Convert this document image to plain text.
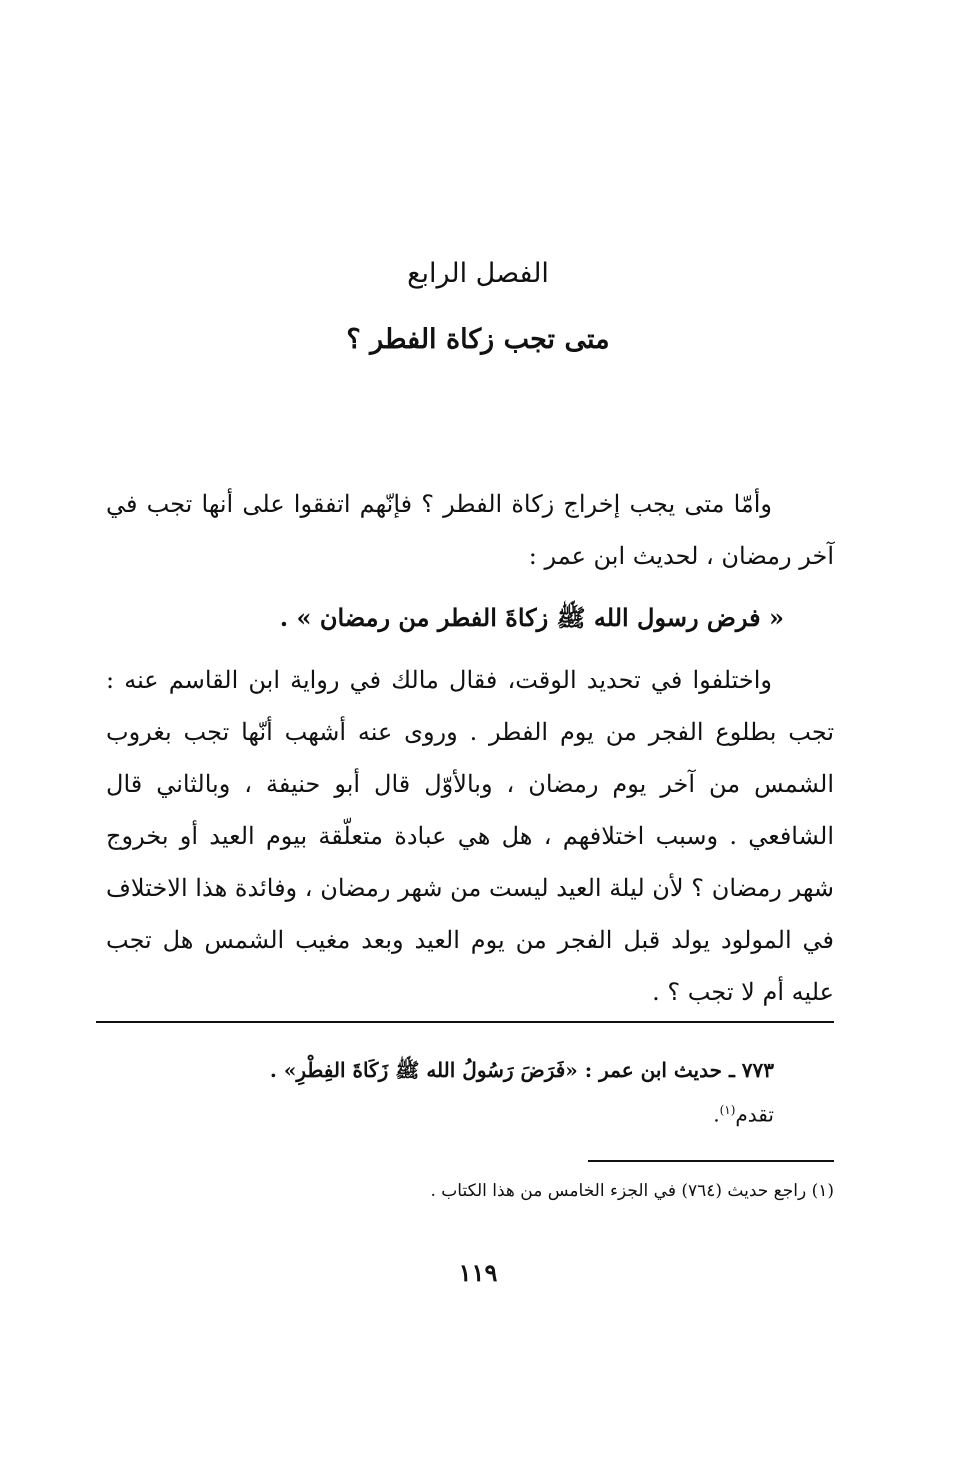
الفصل الرابع
متى تجب زكاة الفطر ؟

وأمّا متى يجب إخراج زكاة الفطر ؟ فإنّهم اتفقوا على أنها تجب في آخر رمضان ، لحديث ابن عمر :

« فرض رسول الله ﷺ زكاةَ الفطر من رمضان » .

واختلفوا في تحديد الوقت، فقال مالك في رواية ابن القاسم عنه : تجب بطلوع الفجر من يوم الفطر . وروى عنه أشهب أنّها تجب بغروب الشمس من آخر يوم رمضان ، وبالأوّل قال أبو حنيفة ، وبالثاني قال الشافعي . وسبب اختلافهم ، هل هي عبادة متعلّقة بيوم العيد أو بخروج شهر رمضان ؟ لأن ليلة العيد ليست من شهر رمضان ، وفائدة هذا الاختلاف في المولود يولد قبل الفجر من يوم العيد وبعد مغيب الشمس هل تجب عليه أم لا تجب ؟ .

٧٧٣ ـ حديث ابن عمر : «فَرَضَ رَسُولُ الله ﷺ زَكَاةَ الفِطْرِ» .

تقدم$^{(١)}$.

(١) راجع حديث (٧٦٤) في الجزء الخامس من هذا الكتاب .
١١٩
